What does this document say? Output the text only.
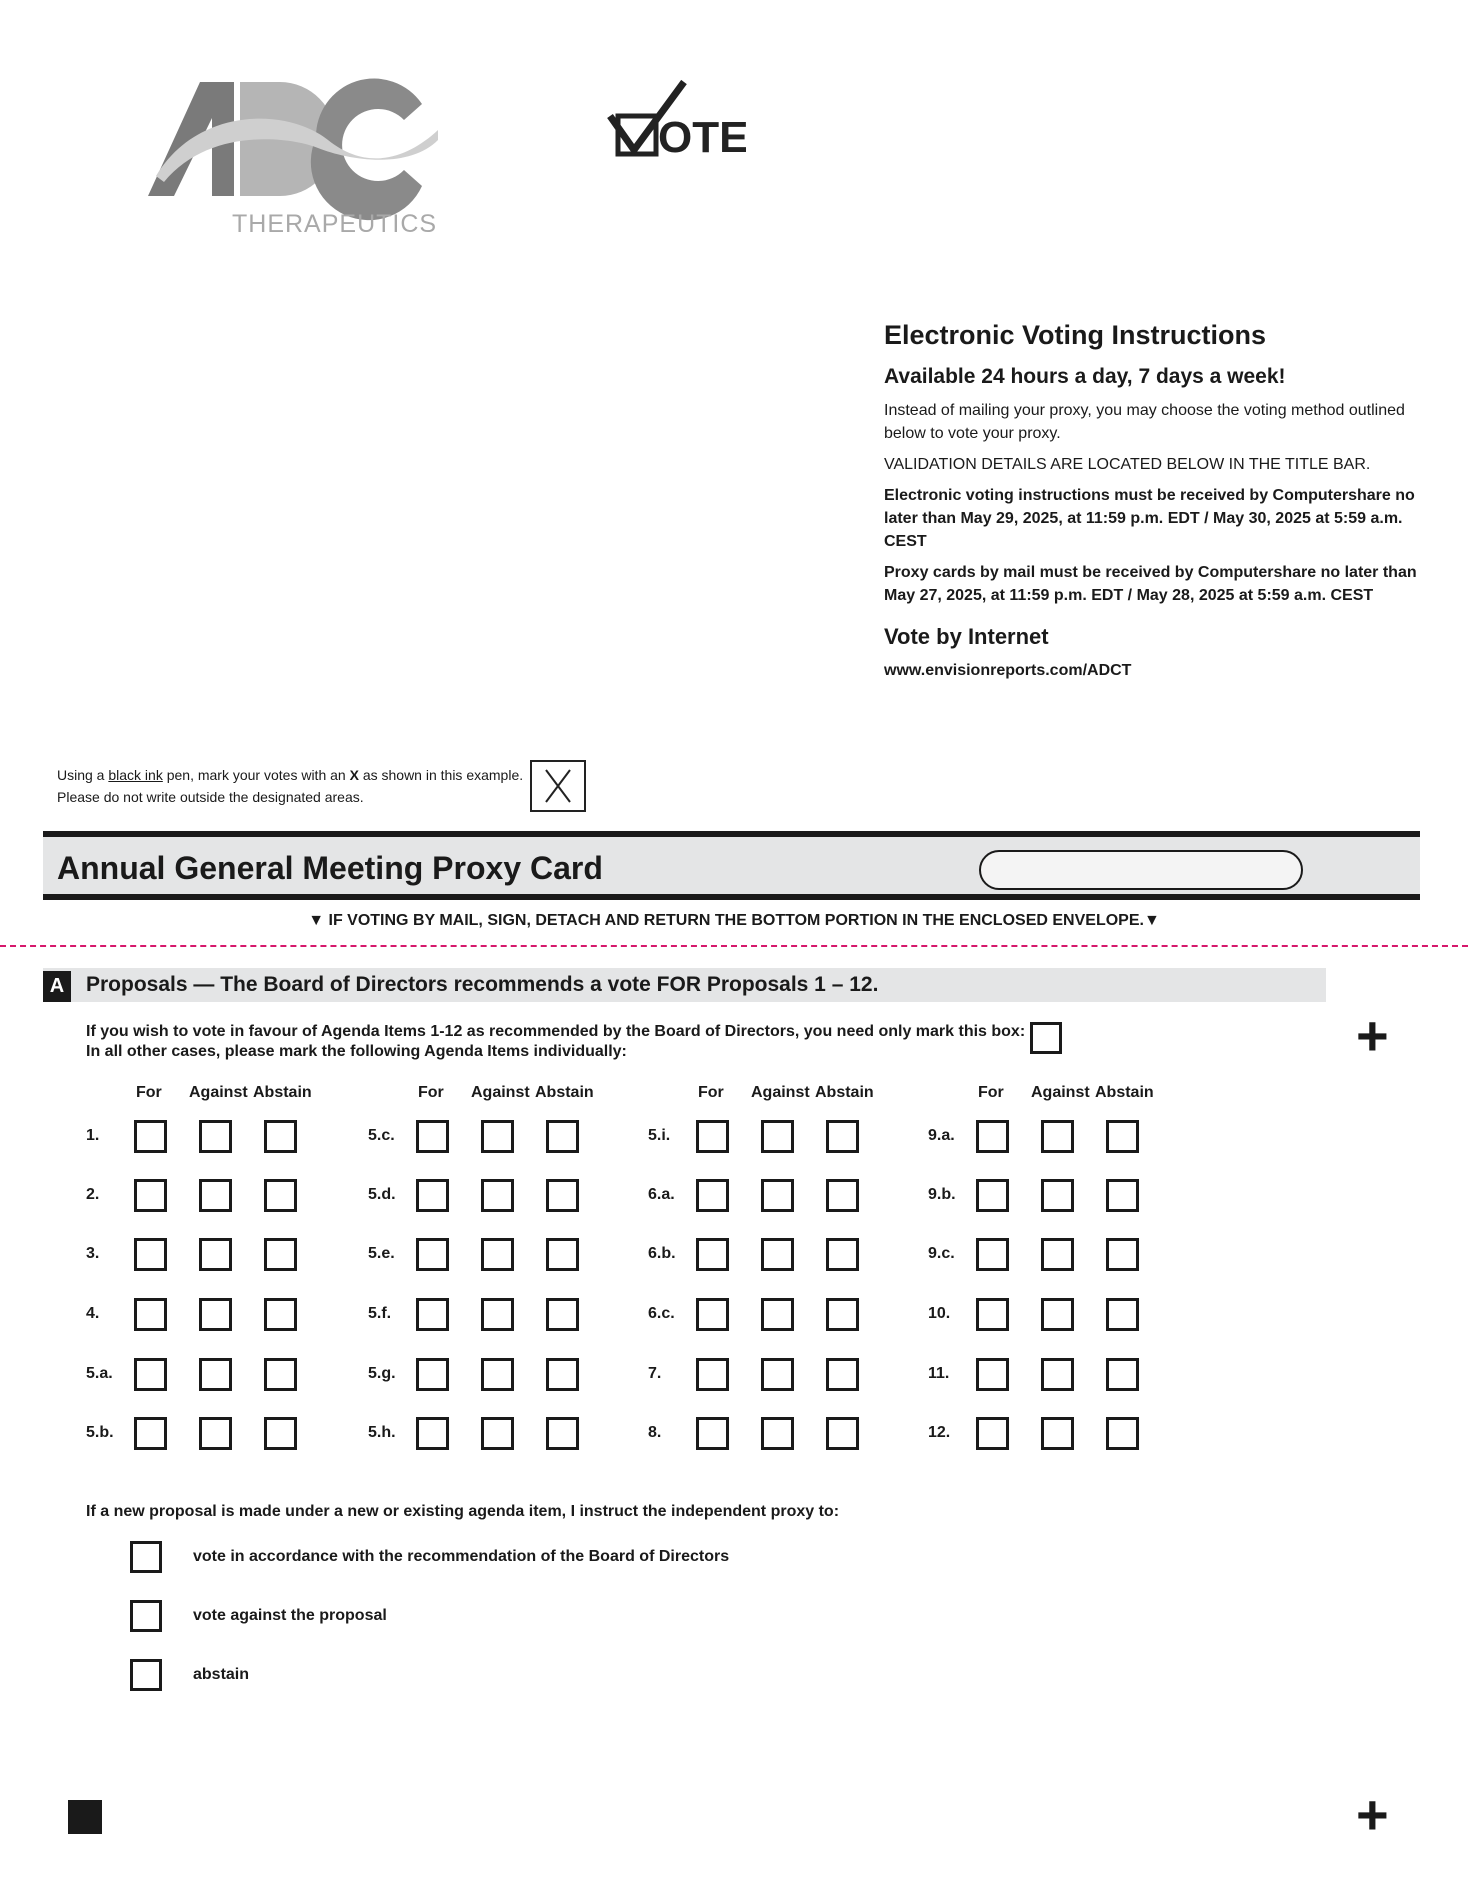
THERAPEUTICS
OTE
Electronic Voting Instructions
Available 24 hours a day, 7 days a week!
Instead of mailing your proxy, you may choose the voting method outlined below to vote your proxy.
VALIDATION DETAILS ARE LOCATED BELOW IN THE TITLE BAR.
Electronic voting instructions must be received by Computershare no later than May 29, 2025, at 11:59 p.m. EDT / May 30, 2025 at 5:59 a.m. CEST
Proxy cards by mail must be received by Computershare no later than May 27, 2025, at 11:59 p.m. EDT / May 28, 2025 at 5:59 a.m. CEST
Vote by Internet
www.envisionreports.com/ADCT
Using a black ink pen, mark your votes with an X as shown in this example.
Please do not write outside the designated areas.
Annual General Meeting Proxy Card
▼ IF VOTING BY MAIL, SIGN, DETACH AND RETURN THE BOTTOM PORTION IN THE ENCLOSED ENVELOPE.▼
A	Proposals — The Board of Directors recommends a vote FOR Proposals 1 – 12.
If you wish to vote in favour of Agenda Items 1-12 as recommended by the Board of Directors, you need only mark this box:
In all other cases, please mark the following Agenda Items individually:	+
For Against Abstain
1.
2.
3.
4.
5.a.
5.b.
For Against Abstain
5.c.
5.d.
5.e.
5.f.
5.g.
5.h.
For Against Abstain
5.i.
6.a.
6.b.
6.c.
7.
8.
For Against Abstain
9.a.
9.b.
9.c.
10.
11.
12.
If a new proposal is made under a new or existing agenda item, I instruct the independent proxy to:
vote in accordance with the recommendation of the Board of Directors
vote against the proposal
abstain
+
